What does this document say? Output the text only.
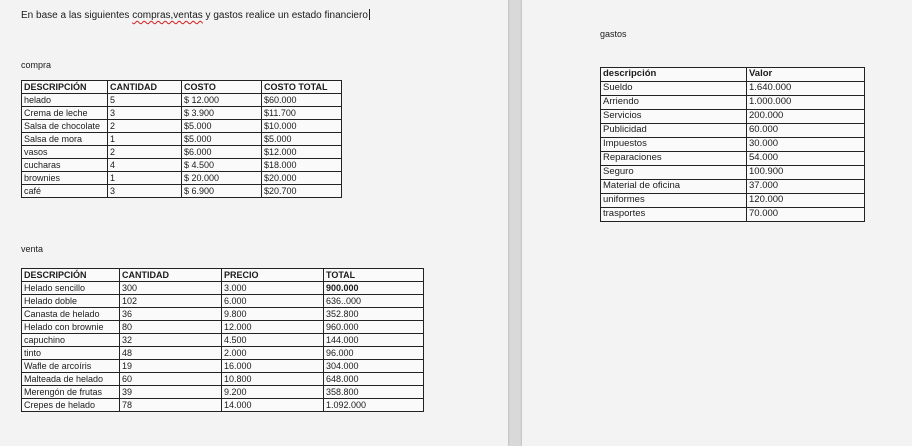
En base a las siguientes compras,ventas y gastos realice un estado financiero
compra
DESCRIPCIÓN	CANTIDAD	COSTO	COSTO TOTAL
helado	5	$ 12.000	$60.000
Crema de leche	3	$ 3.900	$11.700
Salsa de chocolate	2	$5.000	$10.000
Salsa de mora	1	$5.000	$5.000
vasos	2	$6.000	$12.000
cucharas	4	$ 4.500	$18.000
brownies	1	$ 20.000	$20.000
café	3	$ 6.900	$20.700
venta
DESCRIPCIÓN	CANTIDAD	PRECIO	TOTAL
Helado sencillo	300	3.000	900.000
Helado doble	102	6.000	636..000
Canasta de helado	36	9.800	352.800
Helado con brownie	80	12.000	960.000
capuchino	32	4.500	144.000
tinto	48	2.000	96.000
Wafle de arcoíris	19	16.000	304.000
Malteada de helado	60	10.800	648.000
Merengón de frutas	39	9.200	358.800
Crepes de helado	78	14.000	1.092.000
gastos
descripción	Valor
Sueldo	1.640.000
Arriendo	1.000.000
Servicios	200.000
Publicidad	60.000
Impuestos	30.000
Reparaciones	54.000
Seguro	100.900
Material de oficina	37.000
uniformes	120.000
trasportes	70.000
